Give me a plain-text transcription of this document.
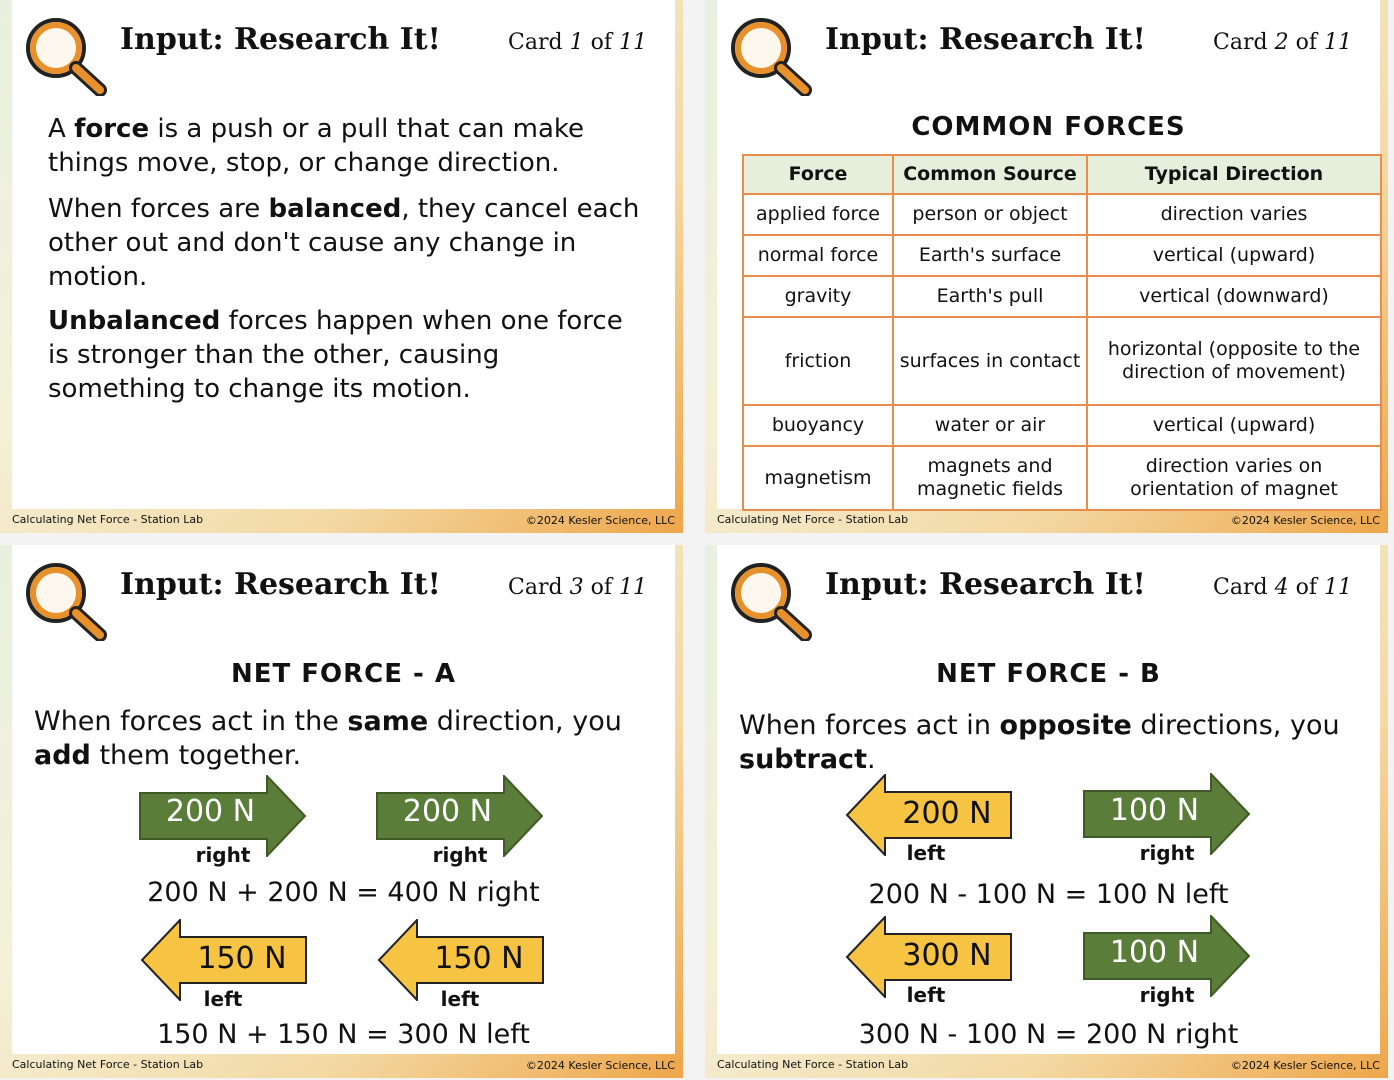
Input: Research It!	Card 1 of 11
A force is a push or a pull that can make things move, stop, or change direction.
When forces are balanced, they cancel each other out and don't cause any change in motion.
Unbalanced forces happen when one force is stronger than the other, causing something to change its motion.
Calculating Net Force - Station Lab	©2024 Kesler Science, LLC
Input: Research It!	Card 2 of 11
COMMON FORCES
Force	Common Source	Typical Direction
applied force	person or object	direction varies
normal force	Earth's surface	vertical (upward)
gravity	Earth's pull	vertical (downward)
friction	surfaces in contact	horizontal (opposite to the direction of movement)
buoyancy	water or air	vertical (upward)
magnetism	magnets and magnetic fields	direction varies on orientation of magnet
Calculating Net Force - Station Lab	©2024 Kesler Science, LLC
Input: Research It!	Card 3 of 11
NET FORCE - A
When forces act in the same direction, you add them together.
200 N
right
200 N
right
200 N + 200 N = 400 N right
150 N
left
150 N
left
150 N + 150 N = 300 N left
Calculating Net Force - Station Lab	©2024 Kesler Science, LLC
Input: Research It!	Card 4 of 11
NET FORCE - B
When forces act in opposite directions, you subtract.
200 N
left
100 N
right
200 N - 100 N = 100 N left
300 N
left
100 N
right
300 N - 100 N = 200 N right
Calculating Net Force - Station Lab	©2024 Kesler Science, LLC
